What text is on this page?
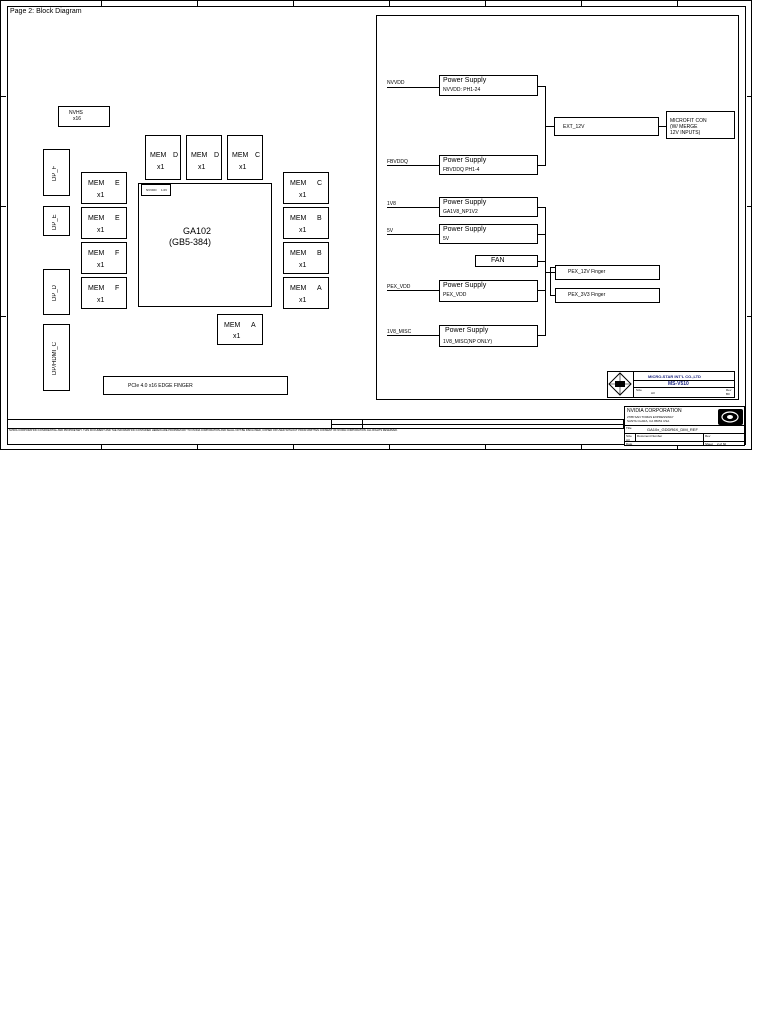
Page 2: Block Diagram
NVHS
x16
DP_F
DP_E
DP_D
DP/HDMI_C
MEM D
x1
MEM D
x1
MEM C
x1
MEM E
x1
MEM E
x1
MEM F
x1
MEM F
x1
NVVDD 1.0V
GA102
(GB5-384)
MEM C
x1
MEM B
x1
MEM B
x1
MEM A
x1
MEM A
x1
PCIe 4.0 x16 EDGE FINGER
NVVDD	Power Supply
NVVDD: PH1-24
FBVDDQ	Power Supply
FBVDDQ PH1-4
EXT_12V
MICROFIT CON
(W/ MERGE
12V INPUTS)
1V8	Power Supply
GA1V8_NP1V2
5V	Power Supply
5V
FAN
PEX_VDD	Power Supply
PEX_VDD
1V8_MISC	Power Supply
1V8_MISC(NP ONLY)
PEX_12V Finger
PEX_3V3 Finger
MICRO-STAR INT'L CO.,LTD
MS-V510
Size
A3
Rev
B0
NVIDIA CORPORATION
2788 SAN TOMAS EXPRESSWAY
SANTA CLARA, CA 95051 USA
Title	GA10x_GDDR6X_DIM_REF
Size
A3
Document Number	Rev
Date	Sheet 2 of 60
NVIDIA CORPORATION CONFIDENTIAL AND PROPRIETARY. THIS DOCUMENT AND THE INFORMATION CONTAINED HEREIN ARE PROPRIETARY TO NVIDIA CORPORATION AND SHALL NOT BE DISCLOSED, COPIED OR USED WITHOUT PRIOR WRITTEN CONSENT OF NVIDIA CORPORATION. ALL RIGHTS RESERVED.
